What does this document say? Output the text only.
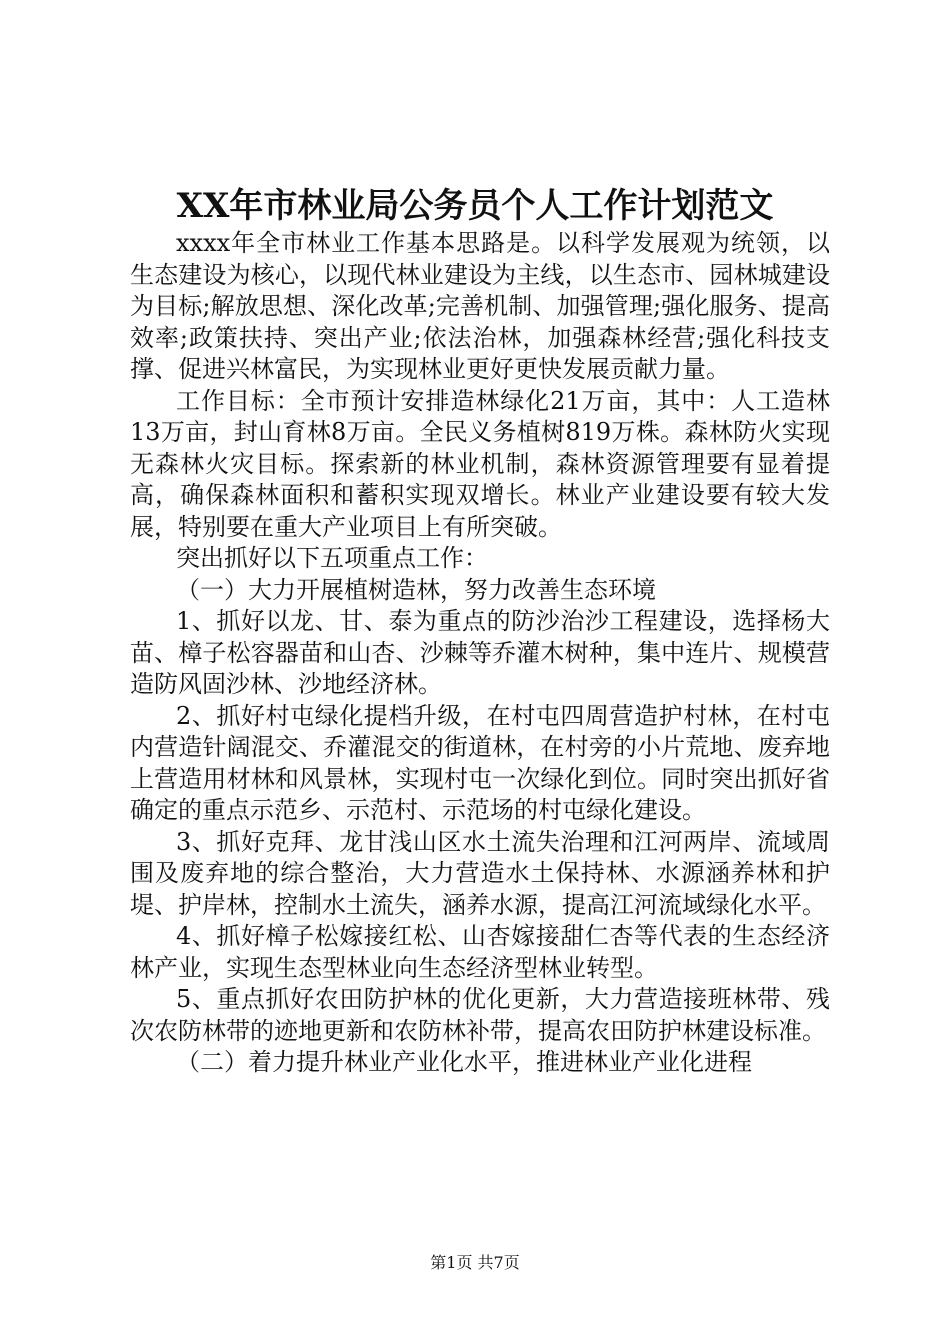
XX年市林业局公务员个人工作计划范文

xxxx年全市林业工作基本思路是。以科学发展观为统领，以生态建设为核心，以现代林业建设为主线，以生态市、园林城建设为目标;解放思想、深化改革;完善机制、加强管理;强化服务、提高效率;政策扶持、突出产业;依法治林，加强森林经营;强化科技支撑、促进兴林富民，为实现林业更好更快发展贡献力量。

工作目标：全市预计安排造林绿化21万亩，其中：人工造林13万亩，封山育林8万亩。全民义务植树819万株。森林防火实现无森林火灾目标。探索新的林业机制，森林资源管理要有显着提高，确保森林面积和蓄积实现双增长。林业产业建设要有较大发展，特别要在重大产业项目上有所突破。

突出抓好以下五项重点工作：

（一）大力开展植树造林，努力改善生态环境

1、抓好以龙、甘、泰为重点的防沙治沙工程建设，选择杨大苗、樟子松容器苗和山杏、沙棘等乔灌木树种，集中连片、规模营造防风固沙林、沙地经济林。

2、抓好村屯绿化提档升级，在村屯四周营造护村林，在村屯内营造针阔混交、乔灌混交的街道林，在村旁的小片荒地、废弃地上营造用材林和风景林，实现村屯一次绿化到位。同时突出抓好省确定的重点示范乡、示范村、示范场的村屯绿化建设。

3、抓好克拜、龙甘浅山区水土流失治理和江河两岸、流域周围及废弃地的综合整治，大力营造水土保持林、水源涵养林和护堤、护岸林，控制水土流失，涵养水源，提高江河流域绿化水平。

4、抓好樟子松嫁接红松、山杏嫁接甜仁杏等代表的生态经济林产业，实现生态型林业向生态经济型林业转型。

5、重点抓好农田防护林的优化更新，大力营造接班林带、残次农防林带的迹地更新和农防林补带，提高农田防护林建设标准。

（二）着力提升林业产业化水平，推进林业产业化进程

第1页 共7页
